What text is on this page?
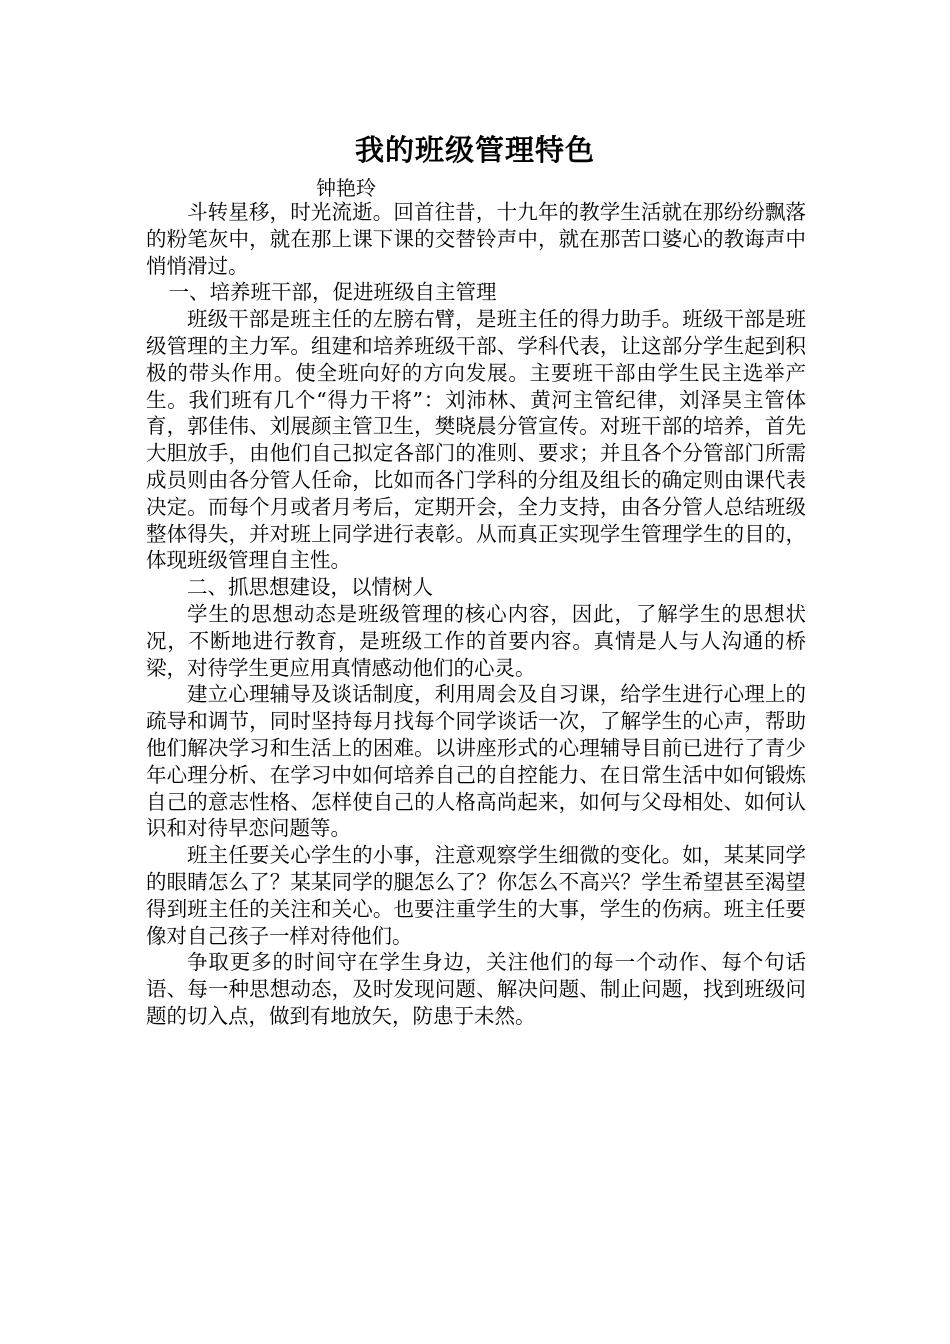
我的班级管理特色
钟艳玲

斗转星移，时光流逝。回首往昔，十九年的教学生活就在那纷纷飘落的粉笔灰中，就在那上课下课的交替铃声中，就在那苦口婆心的教诲声中悄悄滑过。

一、培养班干部，促进班级自主管理

班级干部是班主任的左膀右臂，是班主任的得力助手。班级干部是班级管理的主力军。组建和培养班级干部、学科代表，让这部分学生起到积极的带头作用。使全班向好的方向发展。主要班干部由学生民主选举产生。我们班有几个“得力干将”：刘沛林、黄河主管纪律，刘泽昊主管体育，郭佳伟、刘展颜主管卫生，樊晓晨分管宣传。对班干部的培养，首先大胆放手，由他们自己拟定各部门的准则、要求；并且各个分管部门所需成员则由各分管人任命，比如而各门学科的分组及组长的确定则由课代表决定。而每个月或者月考后，定期开会，全力支持，由各分管人总结班级整体得失，并对班上同学进行表彰。从而真正实现学生管理学生的目的，体现班级管理自主性。

二、抓思想建设，以情树人

学生的思想动态是班级管理的核心内容，因此，了解学生的思想状况，不断地进行教育，是班级工作的首要内容。真情是人与人沟通的桥梁，对待学生更应用真情感动他们的心灵。

建立心理辅导及谈话制度，利用周会及自习课，给学生进行心理上的疏导和调节，同时坚持每月找每个同学谈话一次，了解学生的心声，帮助他们解决学习和生活上的困难。以讲座形式的心理辅导目前已进行了青少年心理分析、在学习中如何培养自己的自控能力、在日常生活中如何锻炼自己的意志性格、怎样使自己的人格高尚起来，如何与父母相处、如何认识和对待早恋问题等。

班主任要关心学生的小事，注意观察学生细微的变化。如，某某同学的眼睛怎么了？某某同学的腿怎么了？你怎么不高兴？学生希望甚至渴望得到班主任的关注和关心。也要注重学生的大事，学生的伤病。班主任要像对自己孩子一样对待他们。

争取更多的时间守在学生身边，关注他们的每一个动作、每个句话语、每一种思想动态，及时发现问题、解决问题、制止问题，找到班级问题的切入点，做到有地放矢，防患于未然。
